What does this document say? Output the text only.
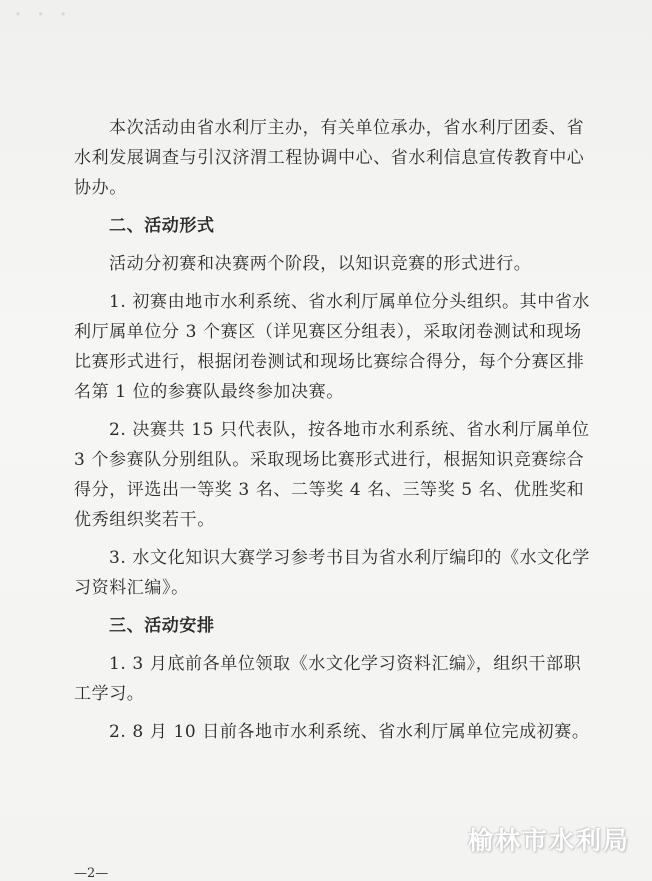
· · ·

本次活动由省水利厅主办，有关单位承办，省水利厅团委、省水利发展调查与引汉济渭工程协调中心、省水利信息宣传教育中心协办。

二、活动形式

活动分初赛和决赛两个阶段，以知识竞赛的形式进行。

1. 初赛由地市水利系统、省水利厅属单位分头组织。其中省水利厅属单位分 3 个赛区（详见赛区分组表），采取闭卷测试和现场比赛形式进行，根据闭卷测试和现场比赛综合得分，每个分赛区排名第 1 位的参赛队最终参加决赛。

2. 决赛共 15 只代表队，按各地市水利系统、省水利厅属单位 3 个参赛队分别组队。采取现场比赛形式进行，根据知识竞赛综合得分，评选出一等奖 3 名、二等奖 4 名、三等奖 5 名、优胜奖和优秀组织奖若干。

3. 水文化知识大赛学习参考书目为省水利厅编印的《水文化学习资料汇编》。

三、活动安排

1. 3 月底前各单位领取《水文化学习资料汇编》，组织干部职工学习。

2. 8 月 10 日前各地市水利系统、省水利厅属单位完成初赛。

榆林市水利局
—2—
